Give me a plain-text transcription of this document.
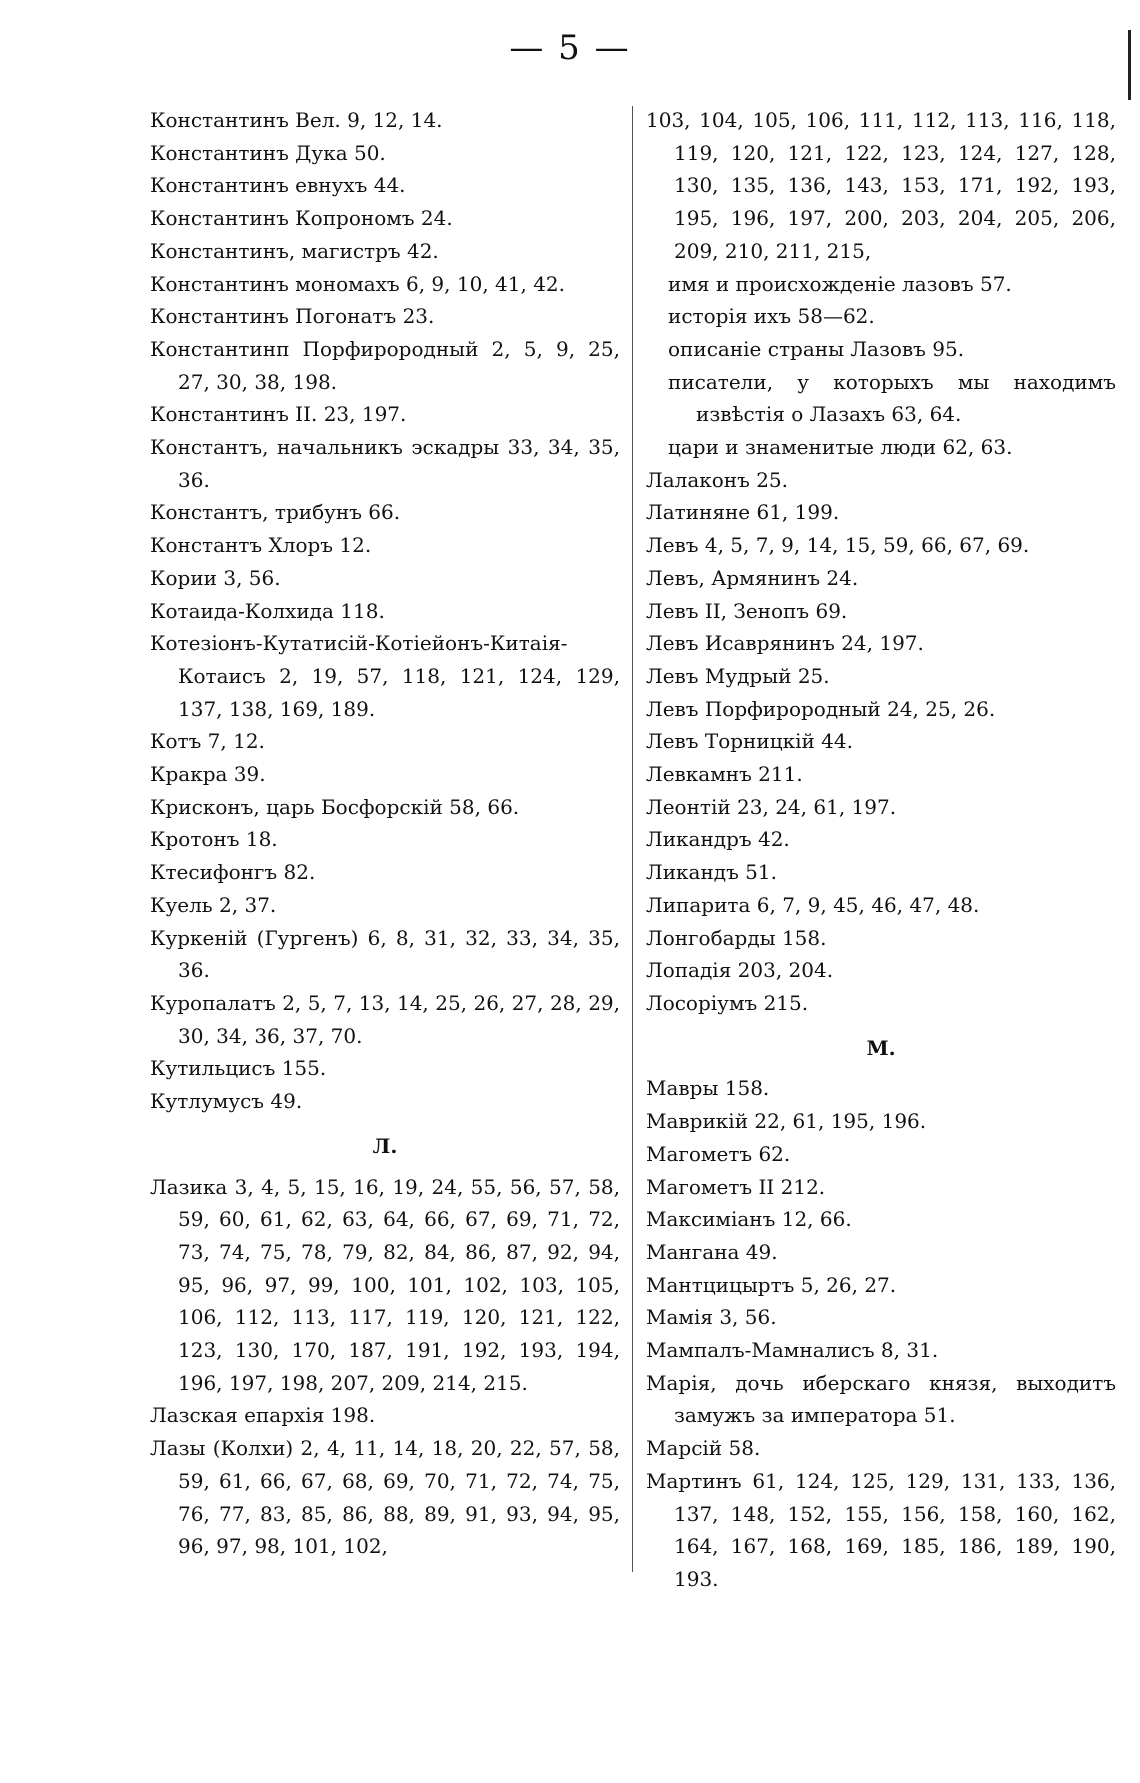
— 5 —
Константинъ Вел. 9, 12, 14.
Константинъ Дука 50.
Константинъ евнухъ 44.
Константинъ Копрономъ 24.
Константинъ, магистръ 42.
Константинъ мономахъ 6, 9, 10, 41, 42.
Константинъ Погонатъ 23.
Константинп Порфирородный 2, 5, 9, 25, 27, 30, 38, 198.
Константинъ II. 23, 197.
Константъ, начальникъ эскадры 33, 34, 35, 36.
Константъ, трибунъ 66.
Константъ Хлоръ 12.
Кории 3, 56.
Котаида-Колхида 118.
Котезіонъ-Кутатисій-Котіейонъ-Китаія-Котаисъ 2, 19, 57, 118, 121, 124, 129, 137, 138, 169, 189.
Котъ 7, 12.
Кракра 39.
Крисконъ, царь Босфорскій 58, 66.
Кротонъ 18.
Ктесифонгъ 82.
Куель 2, 37.
Куркеній (Гургенъ) 6, 8, 31, 32, 33, 34, 35, 36.
Куропалатъ 2, 5, 7, 13, 14, 25, 26, 27, 28, 29, 30, 34, 36, 37, 70.
Кутильцисъ 155.
Кутлумусъ 49.
Л.
Лазика 3, 4, 5, 15, 16, 19, 24, 55, 56, 57, 58, 59, 60, 61, 62, 63, 64, 66, 67, 69, 71, 72, 73, 74, 75, 78, 79, 82, 84, 86, 87, 92, 94, 95, 96, 97, 99, 100, 101, 102, 103, 105, 106, 112, 113, 117, 119, 120, 121, 122, 123, 130, 170, 187, 191, 192, 193, 194, 196, 197, 198, 207, 209, 214, 215.
Лазская епархія 198.
Лазы (Колхи) 2, 4, 11, 14, 18, 20, 22, 57, 58, 59, 61, 66, 67, 68, 69, 70, 71, 72, 74, 75, 76, 77, 83, 85, 86, 88, 89, 91, 93, 94, 95, 96, 97, 98, 101, 102,
103, 104, 105, 106, 111, 112, 113, 116, 118, 119, 120, 121, 122, 123, 124, 127, 128, 130, 135, 136, 143, 153, 171, 192, 193, 195, 196, 197, 200, 203, 204, 205, 206, 209, 210, 211, 215,
имя и происхожденіе лазовъ 57.
исторія ихъ 58—62.
описаніе страны Лазовъ 95.
писатели, у которыхъ мы находимъ извѣстія о Лазахъ 63, 64.
цари и знаменитые люди 62, 63.
Лалаконъ 25.
Латиняне 61, 199.
Левъ 4, 5, 7, 9, 14, 15, 59, 66, 67, 69.
Левъ, Армянинъ 24.
Левъ II, Зенопъ 69.
Левъ Исаврянинъ 24, 197.
Левъ Мудрый 25.
Левъ Порфирородный 24, 25, 26.
Левъ Торницкій 44.
Левкамнъ 211.
Леонтій 23, 24, 61, 197.
Ликандръ 42.
Ликандъ 51.
Липарита 6, 7, 9, 45, 46, 47, 48.
Лонгобарды 158.
Лопадія 203, 204.
Лосоріумъ 215.
М.
Мавры 158.
Маврикій 22, 61, 195, 196.
Магометъ 62.
Магометъ II 212.
Максиміанъ 12, 66.
Мангана 49.
Мантцицыртъ 5, 26, 27.
Мамія 3, 56.
Мампалъ-Мамналисъ 8, 31.
Марія, дочь иберскаго князя, выходитъ замужъ за императора 51.
Марсій 58.
Мартинъ 61, 124, 125, 129, 131, 133, 136, 137, 148, 152, 155, 156, 158, 160, 162, 164, 167, 168, 169, 185, 186, 189, 190, 193.
